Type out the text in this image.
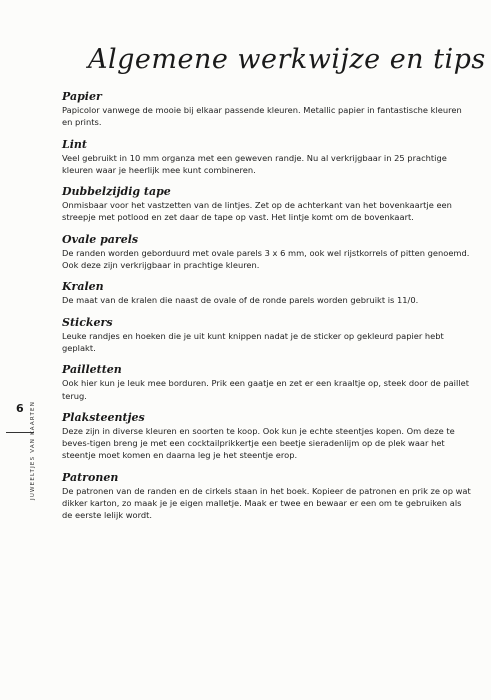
Algemene werkwijze en tips

Papier

Papicolor vanwege de mooie bij elkaar passende kleuren. Metallic papier in fantastische kleuren en prints.

Lint

Veel gebruikt in 10 mm organza met een geweven randje. Nu al verkrijgbaar in 25 prachtige kleuren waar je heerlijk mee kunt combineren.

Dubbelzijdig tape

Onmisbaar voor het vastzetten van de lintjes. Zet op de achterkant van het bovenkaartje een streepje met potlood en zet daar de tape op vast. Het lintje komt om de bovenkaart.

Ovale parels

De randen worden geborduurd met ovale parels 3 x 6 mm, ook wel rijstkorrels of pitten genoemd. Ook deze zijn verkrijgbaar in prachtige kleuren.

Kralen

De maat van de kralen die naast de ovale of de ronde parels worden gebruikt is 11/0.

Stickers

Leuke randjes en hoeken die je uit kunt knippen nadat je de sticker op gekleurd papier hebt geplakt.

Pailletten

Ook hier kun je leuk mee borduren. Prik een gaatje en zet er een kraaltje op, steek door de paillet terug.

Plaksteentjes

Deze zijn in diverse kleuren en soorten te koop. Ook kun je echte steentjes kopen. Om deze te beves-tigen breng je met een cocktailprikkertje een beetje sieradenlijm op de plek waar het steentje moet komen en daarna leg je het steentje erop.

Patronen

De patronen van de randen en de cirkels staan in het boek. Kopieer de patronen en prik ze op wat dikker karton, zo maak je je eigen malletje. Maak er twee en bewaar er een om te gebruiken als de eerste lelijk wordt.

6 JUWEELTJES VAN KAARTEN
